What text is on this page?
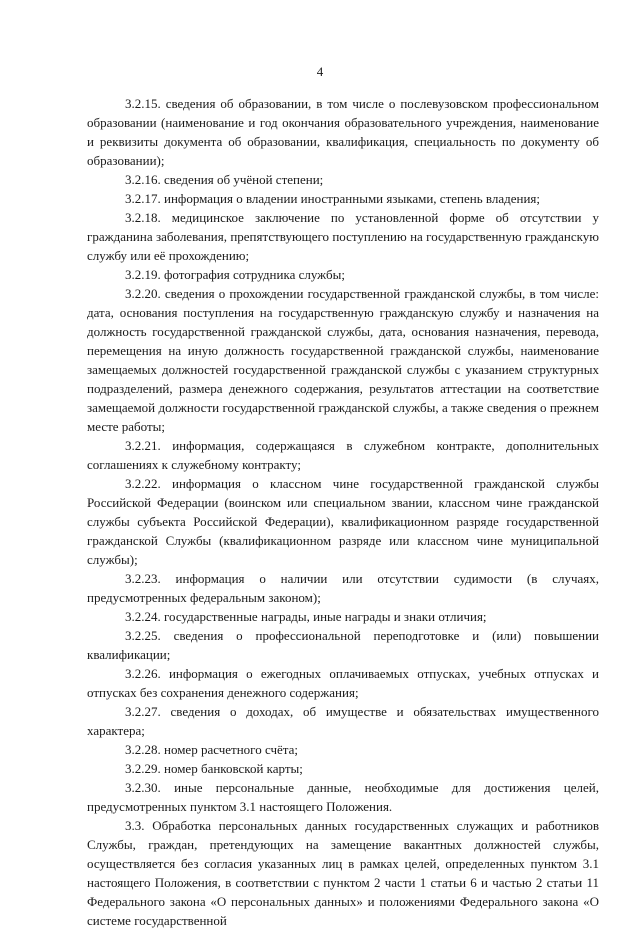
4

3.2.15. сведения об образовании, в том числе о послевузовском профессиональном образовании (наименование и год окончания образовательного учреждения, наименование и реквизиты документа об образовании, квалификация, специальность по документу об образовании);

3.2.16. сведения об учёной степени;

3.2.17. информация о владении иностранными языками, степень владения;

3.2.18. медицинское заключение по установленной форме об отсутствии у гражданина заболевания, препятствующего поступлению на государственную гражданскую службу или её прохождению;

3.2.19. фотография сотрудника службы;

3.2.20. сведения о прохождении государственной гражданской службы, в том числе: дата, основания поступления на государственную гражданскую службу и назначения на должность государственной гражданской службы, дата, основания назначения, перевода, перемещения на иную должность государственной гражданской службы, наименование замещаемых должностей государственной гражданской службы с указанием структурных подразделений, размера денежного содержания, результатов аттестации на соответствие замещаемой должности государственной гражданской службы, а также сведения о прежнем месте работы;

3.2.21. информация, содержащаяся в служебном контракте, дополнительных соглашениях к служебному контракту;

3.2.22. информация о классном чине государственной гражданской службы Российской Федерации (воинском или специальном звании, классном чине гражданской службы субъекта Российской Федерации), квалификационном разряде государственной гражданской Службы (квалификационном разряде или классном чине муниципальной службы);

3.2.23. информация о наличии или отсутствии судимости (в случаях, предусмотренных федеральным законом);

3.2.24. государственные награды, иные награды и знаки отличия;

3.2.25. сведения о профессиональной переподготовке и (или) повышении квалификации;

3.2.26. информация о ежегодных оплачиваемых отпусках, учебных отпусках и отпусках без сохранения денежного содержания;

3.2.27. сведения о доходах, об имуществе и обязательствах имущественного характера;

3.2.28. номер расчетного счёта;

3.2.29. номер банковской карты;

3.2.30. иные персональные данные, необходимые для достижения целей, предусмотренных пунктом 3.1 настоящего Положения.

3.3. Обработка персональных данных государственных служащих и работников Службы, граждан, претендующих на замещение вакантных должностей службы, осуществляется без согласия указанных лиц в рамках целей, определенных пунктом 3.1 настоящего Положения, в соответствии с пунктом 2 части 1 статьи 6 и частью 2 статьи 11 Федерального закона «О персональных данных» и положениями Федерального закона «О системе государственной
